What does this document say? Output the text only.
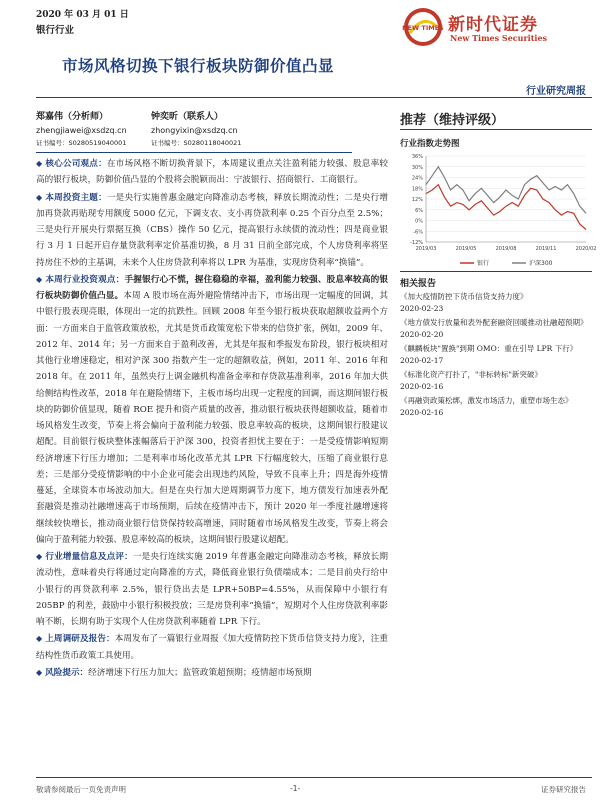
2020 年 03 月 01 日
银行行业	NEW TIMES 新时代证券
New Times Securities
市场风格切换下银行板块防御价值凸显
行业研究周报
郑嘉伟（分析师）
zhengjiawei@xsdzq.cn
证书编号：S0280519040001
钟奕昕（联系人）
zhongyixin@xsdzq.cn
证书编号：S0280118040021
推荐（维持评级）
行业指数走势图
-12%
-6%
0%
6%
12%
18%
24%
30%
36%
2019/03	2019/05	2019/08	2019/11	2020/02
银行	沪深300
相关报告
《加大疫情防控下货币信贷支持力度》
2020-02-23
《地方债发行放量和表外配套融资回暖推动社融超预期》
2020-02-20
《麒麟板块"置换"到期 OMO：重在引导 LPR 下行》
2020-02-17
《标准化资产打扑了，"非标转标"新突破》
2020-02-16
《再融资政策松绑，激发市场活力，重塑市场生态》
2020-02-16

◆ 核心公司观点：在市场风格不断切换背景下，本周建议重点关注盈利能力较强、股息率较高的银行板块，防御价值凸显的个股将会脱颖而出：宁波银行、招商银行、工商银行。

◆ 本周投资主题：一是央行实施普惠金融定向降准动态考核，释放长期流动性；二是央行增加再贷款再贴现专用额度 5000 亿元，下调支农、支小再贷款利率 0.25 个百分点至 2.5%；三是央行开展央行票据互换（CBS）操作 50 亿元，提高银行永续债的流动性；四是商业银行 3 月 1 日起开启存量贷款利率定价基准切换，8 月 31 日前全部完成，个人房贷利率将坚持房住不炒的主基调，未来个人住房贷款利率将以 LPR 为基准，实现房贷利率“换锚”。

◆ 本周行业投资观点：手握银行心不慌，握住稳稳的幸福，盈利能力较强、股息率较高的银行板块防御价值凸显。本周 A 股市场在海外避险情绪冲击下，市场出现一定幅度的回调，其中银行股表现亮眼，体现出一定的抗跌性。回顾 2008 年至今银行板块获取超额收益两个方面：一方面来自于监管政策放松，尤其是货币政策宽松下带来的信贷扩张，例如，2009 年、2012 年、2014 年；另一方面来自于盈利改善，尤其是年报和季报发布阶段，银行板块相对其他行业增速稳定，相对沪深 300 指数产生一定的超额收益，例如，2011 年、2016 年和 2018 年。在 2011 年，虽然央行上调金融机构准备金率和存贷款基准利率，2016 年加大供给侧结构性改革，2018 年在避险情绪下，主板市场均出现一定程度的回调，而这期间银行板块的防御价值显现，随着 ROE 提升和资产质量的改善，推动银行板块获得超额收益，随着市场风格发生改变，节奏上将会偏向于盈利能力较强、股息率较高的板块，这期间银行股建议超配。目前银行板块整体涨幅落后于沪深 300，投资者担忧主要在于：一是受疫情影响短期经济增速下行压力增加；二是利率市场化改革尤其 LPR 下行幅度较大，压缩了商业银行息差；三是部分受疫情影响的中小企业可能会出现违约风险，导致不良率上升；四是海外疫情蔓延，全球资本市场波动加大。但是在央行加大逆周期调节力度下，地方债发行加速表外配套融资是推动社融增速高于市场预期，后续在疫情冲击下，预计 2020 年一季度社融增速将继续较快增长，推动商业银行信贷保持较高增速，同时随着市场风格发生改变，节奏上将会偏向于盈利能力较强、股息率较高的板块，这期间银行股建议超配。

◆ 行业增量信息及点评：一是央行连续实施 2019 年普惠金融定向降准动态考核，释放长期流动性，意味着央行将通过定向降准的方式，降低商业银行负债端成本；二是目前央行给中小银行的再贷款利率 2.5%，银行贷出去是 LPR+50BP=4.55%，从而保障中小银行有 205BP 的利差，鼓励中小银行积极投放；三是房贷利率“换锚”，短期对个人住房贷款利率影响不断，长期有助于实现个人住房贷款利率随着 LPR 下行。

◆ 上周调研及报告：本周发布了一篇银行业周报《加大疫情防控下货币信贷支持力度》，注重结构性货币政策工具使用。

◆ 风险提示：经济增速下行压力加大；监管政策超预期；疫情超市场预期

敬请参阅最后一页免责声明	-1-	证券研究报告
